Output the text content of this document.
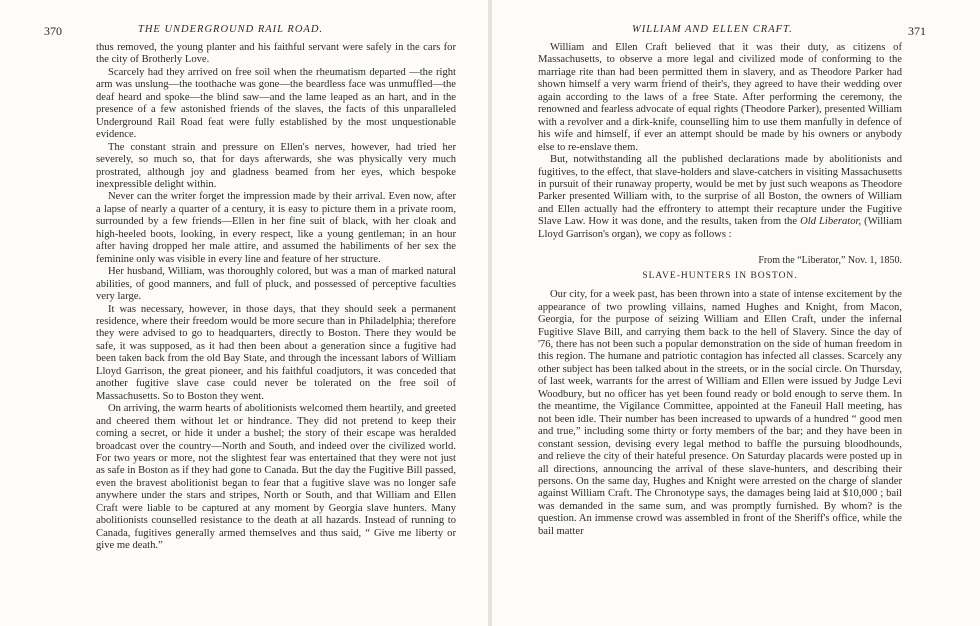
370	THE UNDERGROUND RAIL ROAD.

thus removed, the young planter and his faithful servant were safely in the cars for the city of Brotherly Love.

Scarcely had they arrived on free soil when the rheumatism departed —the right arm was unslung—the toothache was gone—the beardless face was unmuffled—the deaf heard and spoke—the blind saw—and the lame leaped as an hart, and in the presence of a few astonished friends of the slaves, the facts of this unparalleled Underground Rail Road feat were fully established by the most unquestionable evidence.

The constant strain and pressure on Ellen's nerves, however, had tried her severely, so much so, that for days afterwards, she was physically very much prostrated, although joy and gladness beamed from her eyes, which bespoke inexpressible delight within.

Never can the writer forget the impression made by their arrival. Even now, after a lapse of nearly a quarter of a century, it is easy to picture them in a private room, surrounded by a few friends—Ellen in her fine suit of black, with her cloak and high-heeled boots, looking, in every respect, like a young gentleman; in an hour after having dropped her male attire, and assumed the habiliments of her sex the feminine only was visible in every line and feature of her structure.

Her husband, William, was thoroughly colored, but was a man of marked natural abilities, of good manners, and full of pluck, and possessed of perceptive faculties very large.

It was necessary, however, in those days, that they should seek a permanent residence, where their freedom would be more secure than in Philadelphia; therefore they were advised to go to headquarters, directly to Boston. There they would be safe, it was supposed, as it had then been about a generation since a fugitive had been taken back from the old Bay State, and through the incessant labors of William Lloyd Garrison, the great pioneer, and his faithful coadjutors, it was conceded that another fugitive slave case could never be tolerated on the free soil of Massachusetts. So to Boston they went.

On arriving, the warm hearts of abolitionists welcomed them heartily, and greeted and cheered them without let or hindrance. They did not pretend to keep their coming a secret, or hide it under a bushel; the story of their escape was heralded broadcast over the country—North and South, and indeed over the civilized world. For two years or more, not the slightest fear was entertained that they were not just as safe in Boston as if they had gone to Canada. But the day the Fugitive Bill passed, even the bravest abolitionist began to fear that a fugitive slave was no longer safe anywhere under the stars and stripes, North or South, and that William and Ellen Craft were liable to be captured at any moment by Georgia slave hunters. Many abolitionists counselled resistance to the death at all hazards. Instead of running to Canada, fugitives generally armed themselves and thus said, “ Give me liberty or give me death.”

WILLIAM AND ELLEN CRAFT.	371

William and Ellen Craft believed that it was their duty, as citizens of Massachusetts, to observe a more legal and civilized mode of conforming to the marriage rite than had been permitted them in slavery, and as Theodore Parker had shown himself a very warm friend of their's, they agreed to have their wedding over again according to the laws of a free State. After performing the ceremony, the renowned and fearless advocate of equal rights (Theodore Parker), presented William with a revolver and a dirk-knife, counselling him to use them manfully in defence of his wife and himself, if ever an attempt should be made by his owners or anybody else to re-enslave them.

But, notwithstanding all the published declarations made by abolitionists and fugitives, to the effect, that slave-holders and slave-catchers in visiting Massachusetts in pursuit of their runaway property, would be met by just such weapons as Theodore Parker presented William with, to the surprise of all Boston, the owners of William and Ellen actually had the effrontery to attempt their recapture under the Fugitive Slave Law. How it was done, and the results, taken from the Old Liberator, (William Lloyd Garrison's organ), we copy as follows :

From the “Liberator,” Nov. 1, 1850.

SLAVE-HUNTERS IN BOSTON.

Our city, for a week past, has been thrown into a state of intense excitement by the appearance of two prowling villains, named Hughes and Knight, from Macon, Georgia, for the purpose of seizing William and Ellen Craft, under the infernal Fugitive Slave Bill, and carrying them back to the hell of Slavery. Since the day of '76, there has not been such a popular demonstration on the side of human freedom in this region. The humane and patriotic contagion has infected all classes. Scarcely any other subject has been talked about in the streets, or in the social circle. On Thursday, of last week, warrants for the arrest of William and Ellen were issued by Judge Levi Woodbury, but no officer has yet been found ready or bold enough to serve them. In the meantime, the Vigilance Committee, appointed at the Faneuil Hall meeting, has not been idle. Their number has been increased to upwards of a hundred “ good men and true,” including some thirty or forty members of the bar; and they have been in constant session, devising every legal method to baffle the pursuing bloodhounds, and relieve the city of their hateful presence. On Saturday placards were posted up in all directions, announcing the arrival of these slave-hunters, and describing their persons. On the same day, Hughes and Knight were arrested on the charge of slander against William Craft. The Chronotype says, the damages being laid at $10,000 ; bail was demanded in the same sum, and was promptly furnished. By whom? is the question. An immense crowd was assembled in front of the Sheriff's office, while the bail matter
